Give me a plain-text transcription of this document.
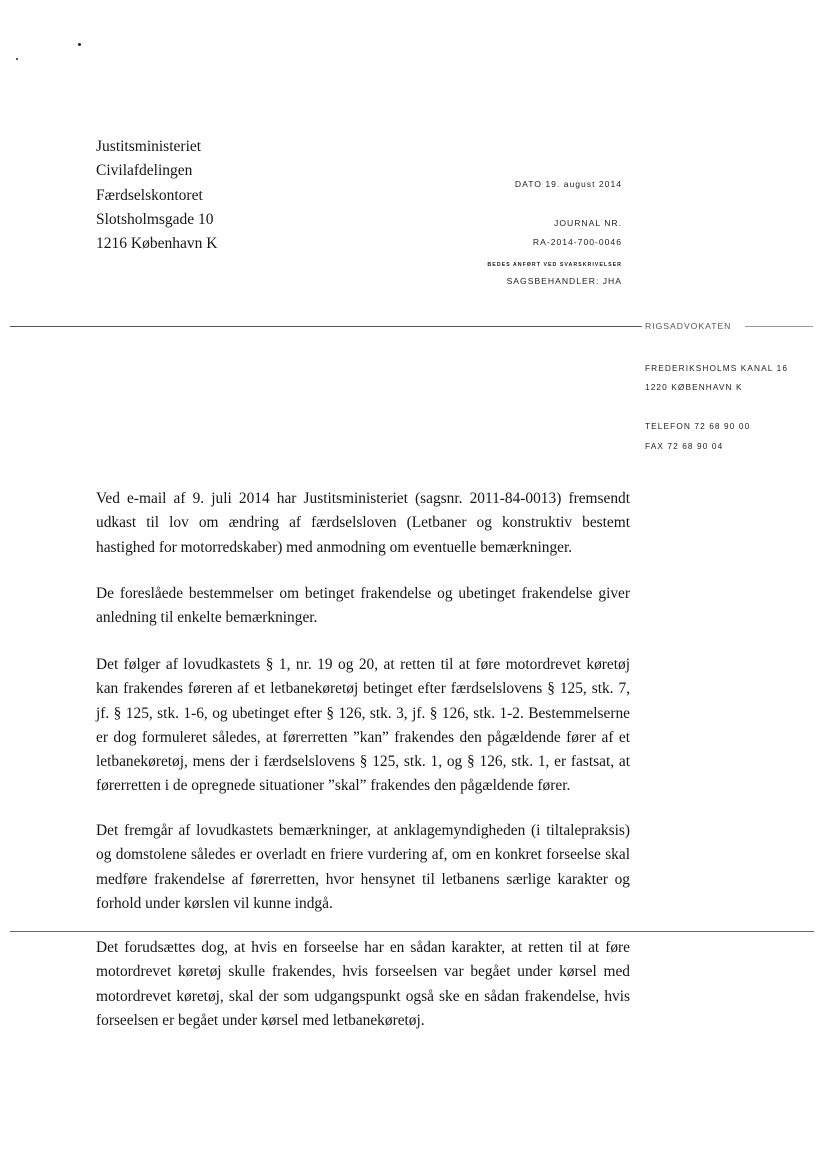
Justitsministeriet
Civilafdelingen
Færdselskontoret
Slotsholmsgade 10
1216 København K
DATO 19. august 2014
JOURNAL NR.
RA-2014-700-0046
BEDES ANFØRT VED SVARSKRIVELSER
SAGSBEHANDLER: JHA
RIGSADVOKATEN
FREDERIKSHOLMS KANAL 16
1220 KØBENHAVN K
TELEFON 72 68 90 00
FAX 72 68 90 04
Ved e-mail af 9. juli 2014 har Justitsministeriet (sagsnr. 2011-84-0013) fremsendt udkast til lov om ændring af færdselsloven (Letbaner og konstruktiv bestemt hastighed for motorredskaber) med anmodning om eventuelle bemærkninger.
De foreslåede bestemmelser om betinget frakendelse og ubetinget frakendelse giver anledning til enkelte bemærkninger.
Det følger af lovudkastets § 1, nr. 19 og 20, at retten til at føre motordrevet køretøj kan frakendes føreren af et letbanekøretøj betinget efter færdselslovens § 125, stk. 7, jf. § 125, stk. 1-6, og ubetinget efter § 126, stk. 3, jf. § 126, stk. 1-2. Bestemmelserne er dog formuleret således, at førerretten ”kan” frakendes den pågældende fører af et letbanekøretøj, mens der i færdselslovens § 125, stk. 1, og § 126, stk. 1, er fastsat, at førerretten i de opregnede situationer ”skal” frakendes den pågældende fører.
Det fremgår af lovudkastets bemærkninger, at anklagemyndigheden (i tiltalepraksis) og domstolene således er overladt en friere vurdering af, om en konkret forseelse skal medføre frakendelse af førerretten, hvor hensynet til letbanens særlige karakter og forhold under kørslen vil kunne indgå.
Det forudsættes dog, at hvis en forseelse har en sådan karakter, at retten til at føre motordrevet køretøj skulle frakendes, hvis forseelsen var begået under kørsel med motordrevet køretøj, skal der som udgangspunkt også ske en sådan frakendelse, hvis forseelsen er begået under kørsel med letbanekøretøj.
